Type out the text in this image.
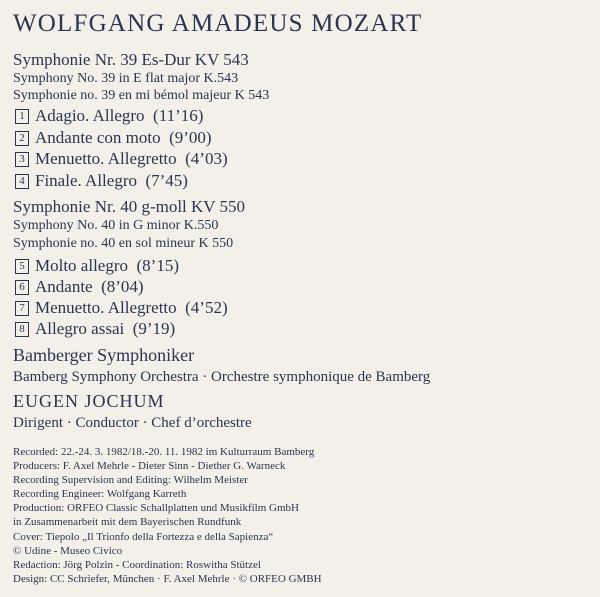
WOLFGANG AMADEUS MOZART
Symphonie Nr. 39 Es-Dur KV 543
Symphony No. 39 in E flat major K.543
Symphonie no. 39 en mi bémol majeur K 543
1 Adagio. Allegro
(11’16)
2 Andante con moto
(9’00)
3 Menuetto. Allegretto
(4’03)
4 Finale. Allegro
(7’45)
Symphonie Nr. 40 g-moll KV 550
Symphony No. 40 in G minor K.550
Symphonie no. 40 en sol mineur K 550
5 Molto allegro
(8’15)
6 Andante
(8’04)
7 Menuetto. Allegretto
(4’52)
8 Allegro assai
(9’19)
Bamberger Symphoniker
Bamberg Symphony Orchestra · Orchestre symphonique de Bamberg
EUGEN JOCHUM
Dirigent · Conductor · Chef d’orchestre
Recorded: 22.-24. 3. 1982/18.-20. 11. 1982 im Kulturraum Bamberg
Producers: F. Axel Mehrle - Dieter Sinn - Diether G. Warneck
Recording Supervision and Editing: Wilhelm Meister
Recording Engineer: Wolfgang Karreth
Production: ORFEO Classic Schallplatten und Musikfilm GmbH
in Zusammenarbeit mit dem Bayerischen Rundfunk
Cover: Tiepolo „Il Trionfo della Fortezza e della Sapienza“
© Udine - Museo Civico
Redaction: Jörg Polzin - Coordination: Roswitha Stützel
Design: CC Schriefer, München · F. Axel Mehrle · © ORFEO GMBH
